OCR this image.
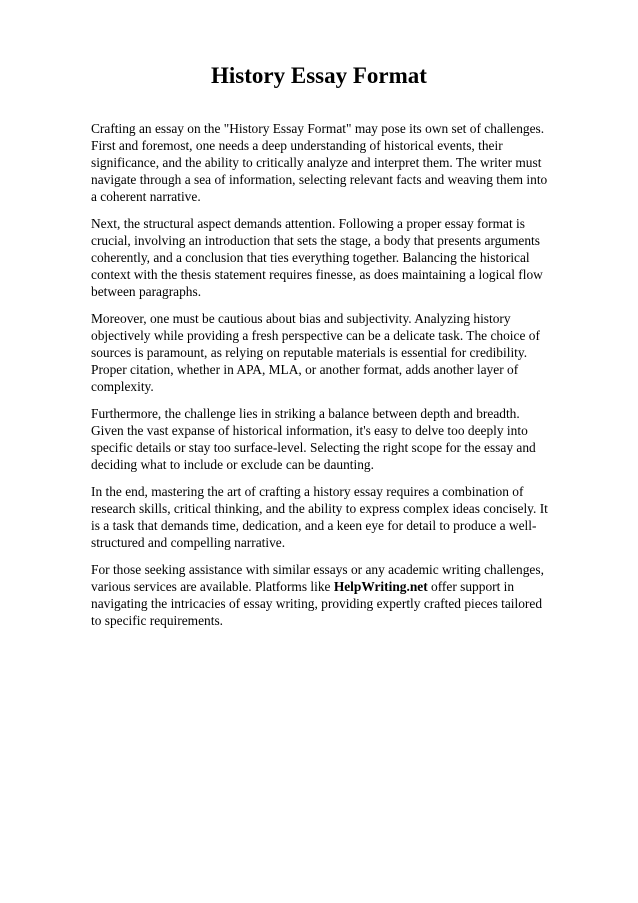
History Essay Format

Crafting an essay on the "History Essay Format" may pose its own set of challenges. First and foremost, one needs a deep understanding of historical events, their significance, and the ability to critically analyze and interpret them. The writer must navigate through a sea of information, selecting relevant facts and weaving them into a coherent narrative.

Next, the structural aspect demands attention. Following a proper essay format is crucial, involving an introduction that sets the stage, a body that presents arguments coherently, and a conclusion that ties everything together. Balancing the historical context with the thesis statement requires finesse, as does maintaining a logical flow between paragraphs.

Moreover, one must be cautious about bias and subjectivity. Analyzing history objectively while providing a fresh perspective can be a delicate task. The choice of sources is paramount, as relying on reputable materials is essential for credibility. Proper citation, whether in APA, MLA, or another format, adds another layer of complexity.

Furthermore, the challenge lies in striking a balance between depth and breadth. Given the vast expanse of historical information, it's easy to delve too deeply into specific details or stay too surface-level. Selecting the right scope for the essay and deciding what to include or exclude can be daunting.

In the end, mastering the art of crafting a history essay requires a combination of research skills, critical thinking, and the ability to express complex ideas concisely. It is a task that demands time, dedication, and a keen eye for detail to produce a well-structured and compelling narrative.

For those seeking assistance with similar essays or any academic writing challenges, various services are available. Platforms like HelpWriting.net offer support in navigating the intricacies of essay writing, providing expertly crafted pieces tailored to specific requirements.
